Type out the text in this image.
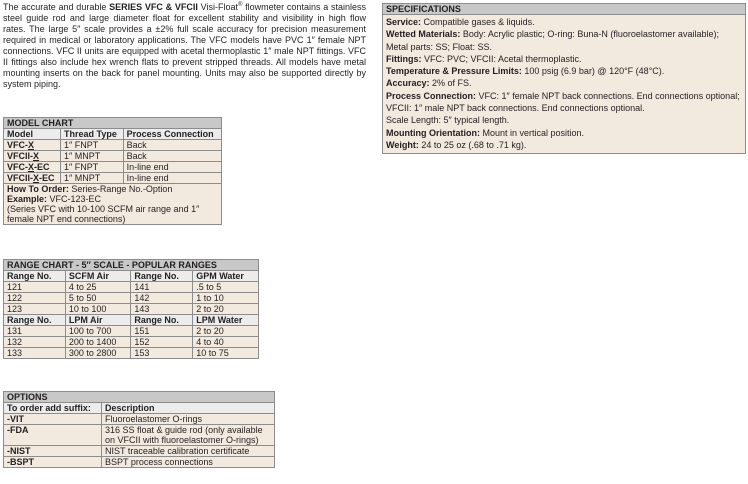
The accurate and durable SERIES VFC & VFCII Visi-Float® flowmeter contains a stainless steel guide rod and large diameter float for excellent stability and visibility in high flow rates. The large 5″ scale provides a ±2% full scale accuracy for precision measurement required in medical or laboratory applications. The VFC models have PVC 1″ female NPT connections. VFC II units are equipped with acetal thermoplastic 1″ male NPT fittings. VFC II fittings also include hex wrench flats to prevent stripped threads. All models have metal mounting inserts on the back for panel mounting. Units may also be supported directly by system piping.
MODEL CHART		
Model	Thread Type	Process Connection
VFC-X	1″ FNPT	Back
VFCII-X	1″ MNPT	Back
VFC-X-EC	1″ FNPT	In-line end
VFCII-X-EC	1″ MNPT	In-line end
How To Order: Series-Range No.-Option
Example: VFC-123-EC
(Series VFC with 10-100 SCFM air range and 1″ female NPT end connections)		
RANGE CHART - 5″ SCALE - POPULAR RANGES			
Range No.	SCFM Air	Range No.	GPM Water
121	4 to 25	141	.5 to 5
122	5 to 50	142	1 to 10
123	10 to 100	143	2 to 20
Range No.	LPM Air	Range No.	LPM Water
131	100 to 700	151	2 to 20
132	200 to 1400	152	4 to 40
133	300 to 2800	153	10 to 75
OPTIONS	
To order add suffix:	Description
-VIT	Fluoroelastomer O-rings
-FDA	316 SS float & guide rod (only available on VFCII with fluoroelastomer O-rings)
-NIST	NIST traceable calibration certificate
-BSPT	BSPT process connections
SPECIFICATIONS
Service: Compatible gases & liquids.
Wetted Materials: Body: Acrylic plastic; O-ring: Buna-N (fluoroelastomer available); Metal parts: SS; Float: SS.
Fittings: VFC: PVC; VFCII: Acetal thermoplastic.
Temperature & Pressure Limits: 100 psig (6.9 bar) @ 120°F (48°C).
Accuracy: 2% of FS.
Process Connection: VFC: 1″ female NPT back connections. End connections optional; VFCII: 1″ male NPT back connections. End connections optional.
Scale Length: 5″ typical length.
Mounting Orientation: Mount in vertical position.
Weight: 24 to 25 oz (.68 to .71 kg).
